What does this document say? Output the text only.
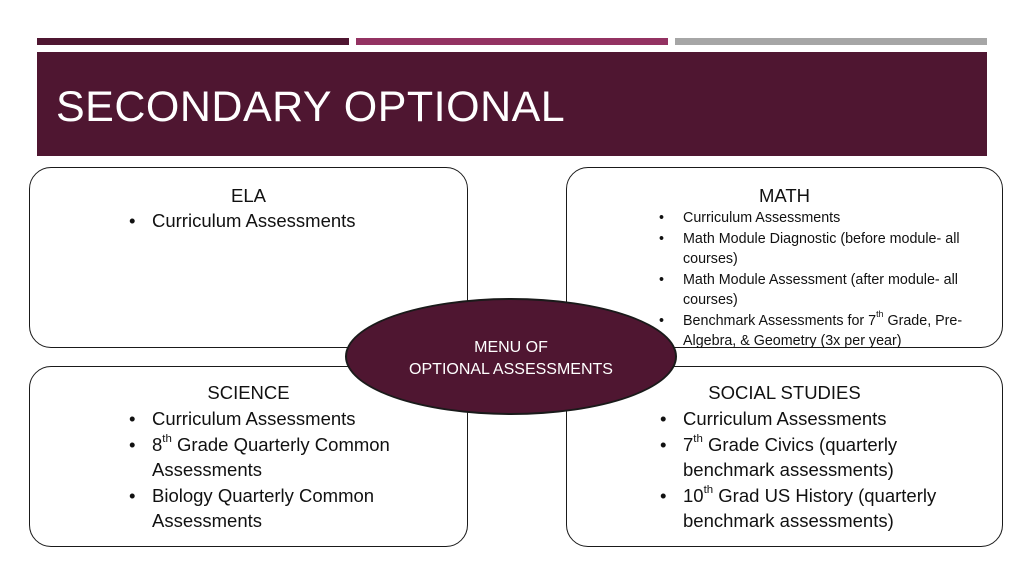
SECONDARY OPTIONAL
ELA
• Curriculum Assessments
MATH
• Curriculum Assessments
• Math Module Diagnostic (before module- all courses)
• Math Module Assessment (after module- all courses)
• Benchmark Assessments for 7th Grade, Pre-Algebra, & Geometry (3x per year)
SCIENCE
• Curriculum Assessments
• 8th Grade Quarterly Common Assessments
• Biology Quarterly Common Assessments
SOCIAL STUDIES
• Curriculum Assessments
• 7th Grade Civics (quarterly benchmark assessments)
• 10th Grad US History (quarterly benchmark assessments)
MENU OF
OPTIONAL ASSESSMENTS
